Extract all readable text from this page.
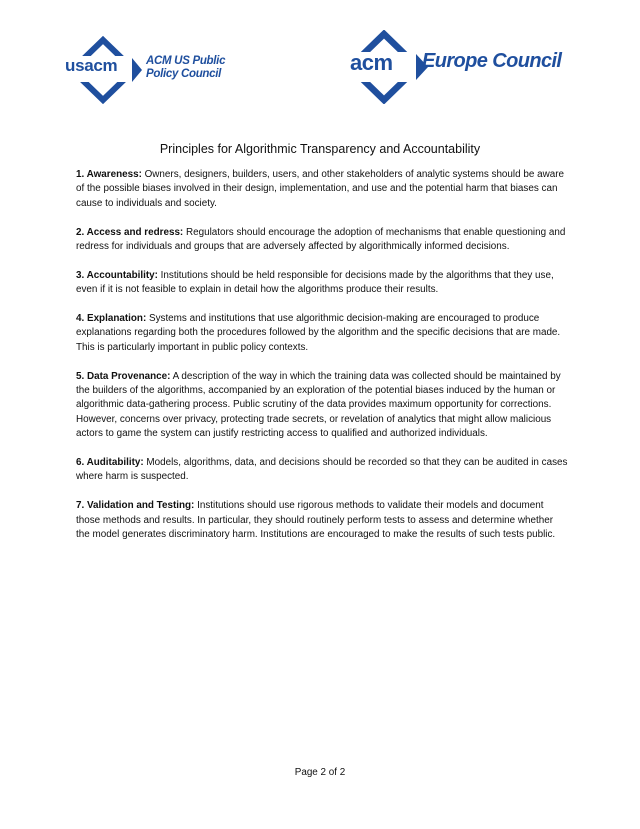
usacm ACM US Public
Policy Council	acm Europe Council
Principles for Algorithmic Transparency and Accountability

1. Awareness: Owners, designers, builders, users, and other stakeholders of analytic systems should be aware of the possible biases involved in their design, implementation, and use and the potential harm that biases can cause to individuals and society.

2. Access and redress: Regulators should encourage the adoption of mechanisms that enable questioning and redress for individuals and groups that are adversely affected by algorithmically informed decisions.

3. Accountability: Institutions should be held responsible for decisions made by the algorithms that they use, even if it is not feasible to explain in detail how the algorithms produce their results.

4. Explanation: Systems and institutions that use algorithmic decision-making are encouraged to produce explanations regarding both the procedures followed by the algorithm and the specific decisions that are made. This is particularly important in public policy contexts.

5. Data Provenance: A description of the way in which the training data was collected should be maintained by the builders of the algorithms, accompanied by an exploration of the potential biases induced by the human or algorithmic data-gathering process. Public scrutiny of the data provides maximum opportunity for corrections. However, concerns over privacy, protecting trade secrets, or revelation of analytics that might allow malicious actors to game the system can justify restricting access to qualified and authorized individuals.

6. Auditability: Models, algorithms, data, and decisions should be recorded so that they can be audited in cases where harm is suspected.

7. Validation and Testing: Institutions should use rigorous methods to validate their models and document those methods and results. In particular, they should routinely perform tests to assess and determine whether the model generates discriminatory harm. Institutions are encouraged to make the results of such tests public.

Page 2 of 2
